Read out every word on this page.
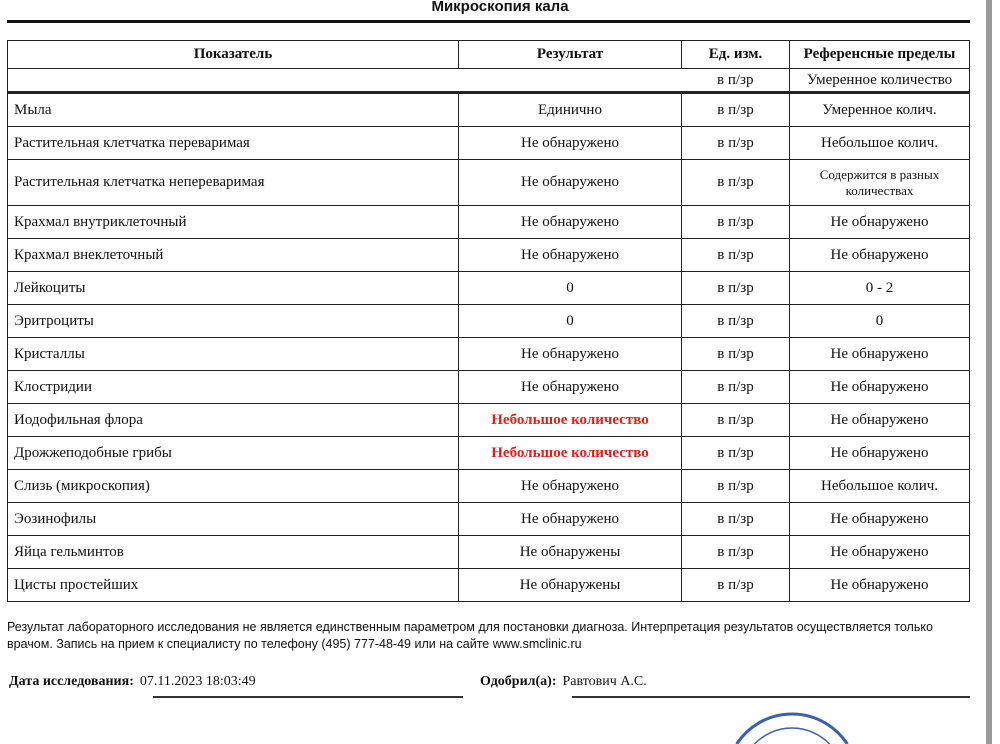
Микроскопия кала
Показатель	Результат	Ед. изм.	Референсные пределы
		в п/зр	Умеренное количество
Мыла	Единично	в п/зр	Умеренное колич.
Растительная клетчатка переваримая	Не обнаружено	в п/зр	Небольшое колич.
Растительная клетчатка непереваримая	Не обнаружено	в п/зр	Содержится в разных количествах
Крахмал внутриклеточный	Не обнаружено	в п/зр	Не обнаружено
Крахмал внеклеточный	Не обнаружено	в п/зр	Не обнаружено
Лейкоциты	0	в п/зр	0 - 2
Эритроциты	0	в п/зр	0
Кристаллы	Не обнаружено	в п/зр	Не обнаружено
Клостридии	Не обнаружено	в п/зр	Не обнаружено
Иодофильная флора	Небольшое количество	в п/зр	Не обнаружено
Дрожжеподобные грибы	Небольшое количество	в п/зр	Не обнаружено
Слизь (микроскопия)	Не обнаружено	в п/зр	Небольшое колич.
Эозинофилы	Не обнаружено	в п/зр	Не обнаружено
Яйца гельминтов	Не обнаружены	в п/зр	Не обнаружено
Цисты простейших	Не обнаружены	в п/зр	Не обнаружено
Результат лабораторного исследования не является единственным параметром для постановки диагноза. Интерпретация результатов осуществляется только врачом. Запись на прием к специалисту по телефону (495) 777-48-49 или на сайте www.smclinic.ru
Дата исследования: 07.11.2023 18:03:49	Одобрил(а): Равтович А.С.
